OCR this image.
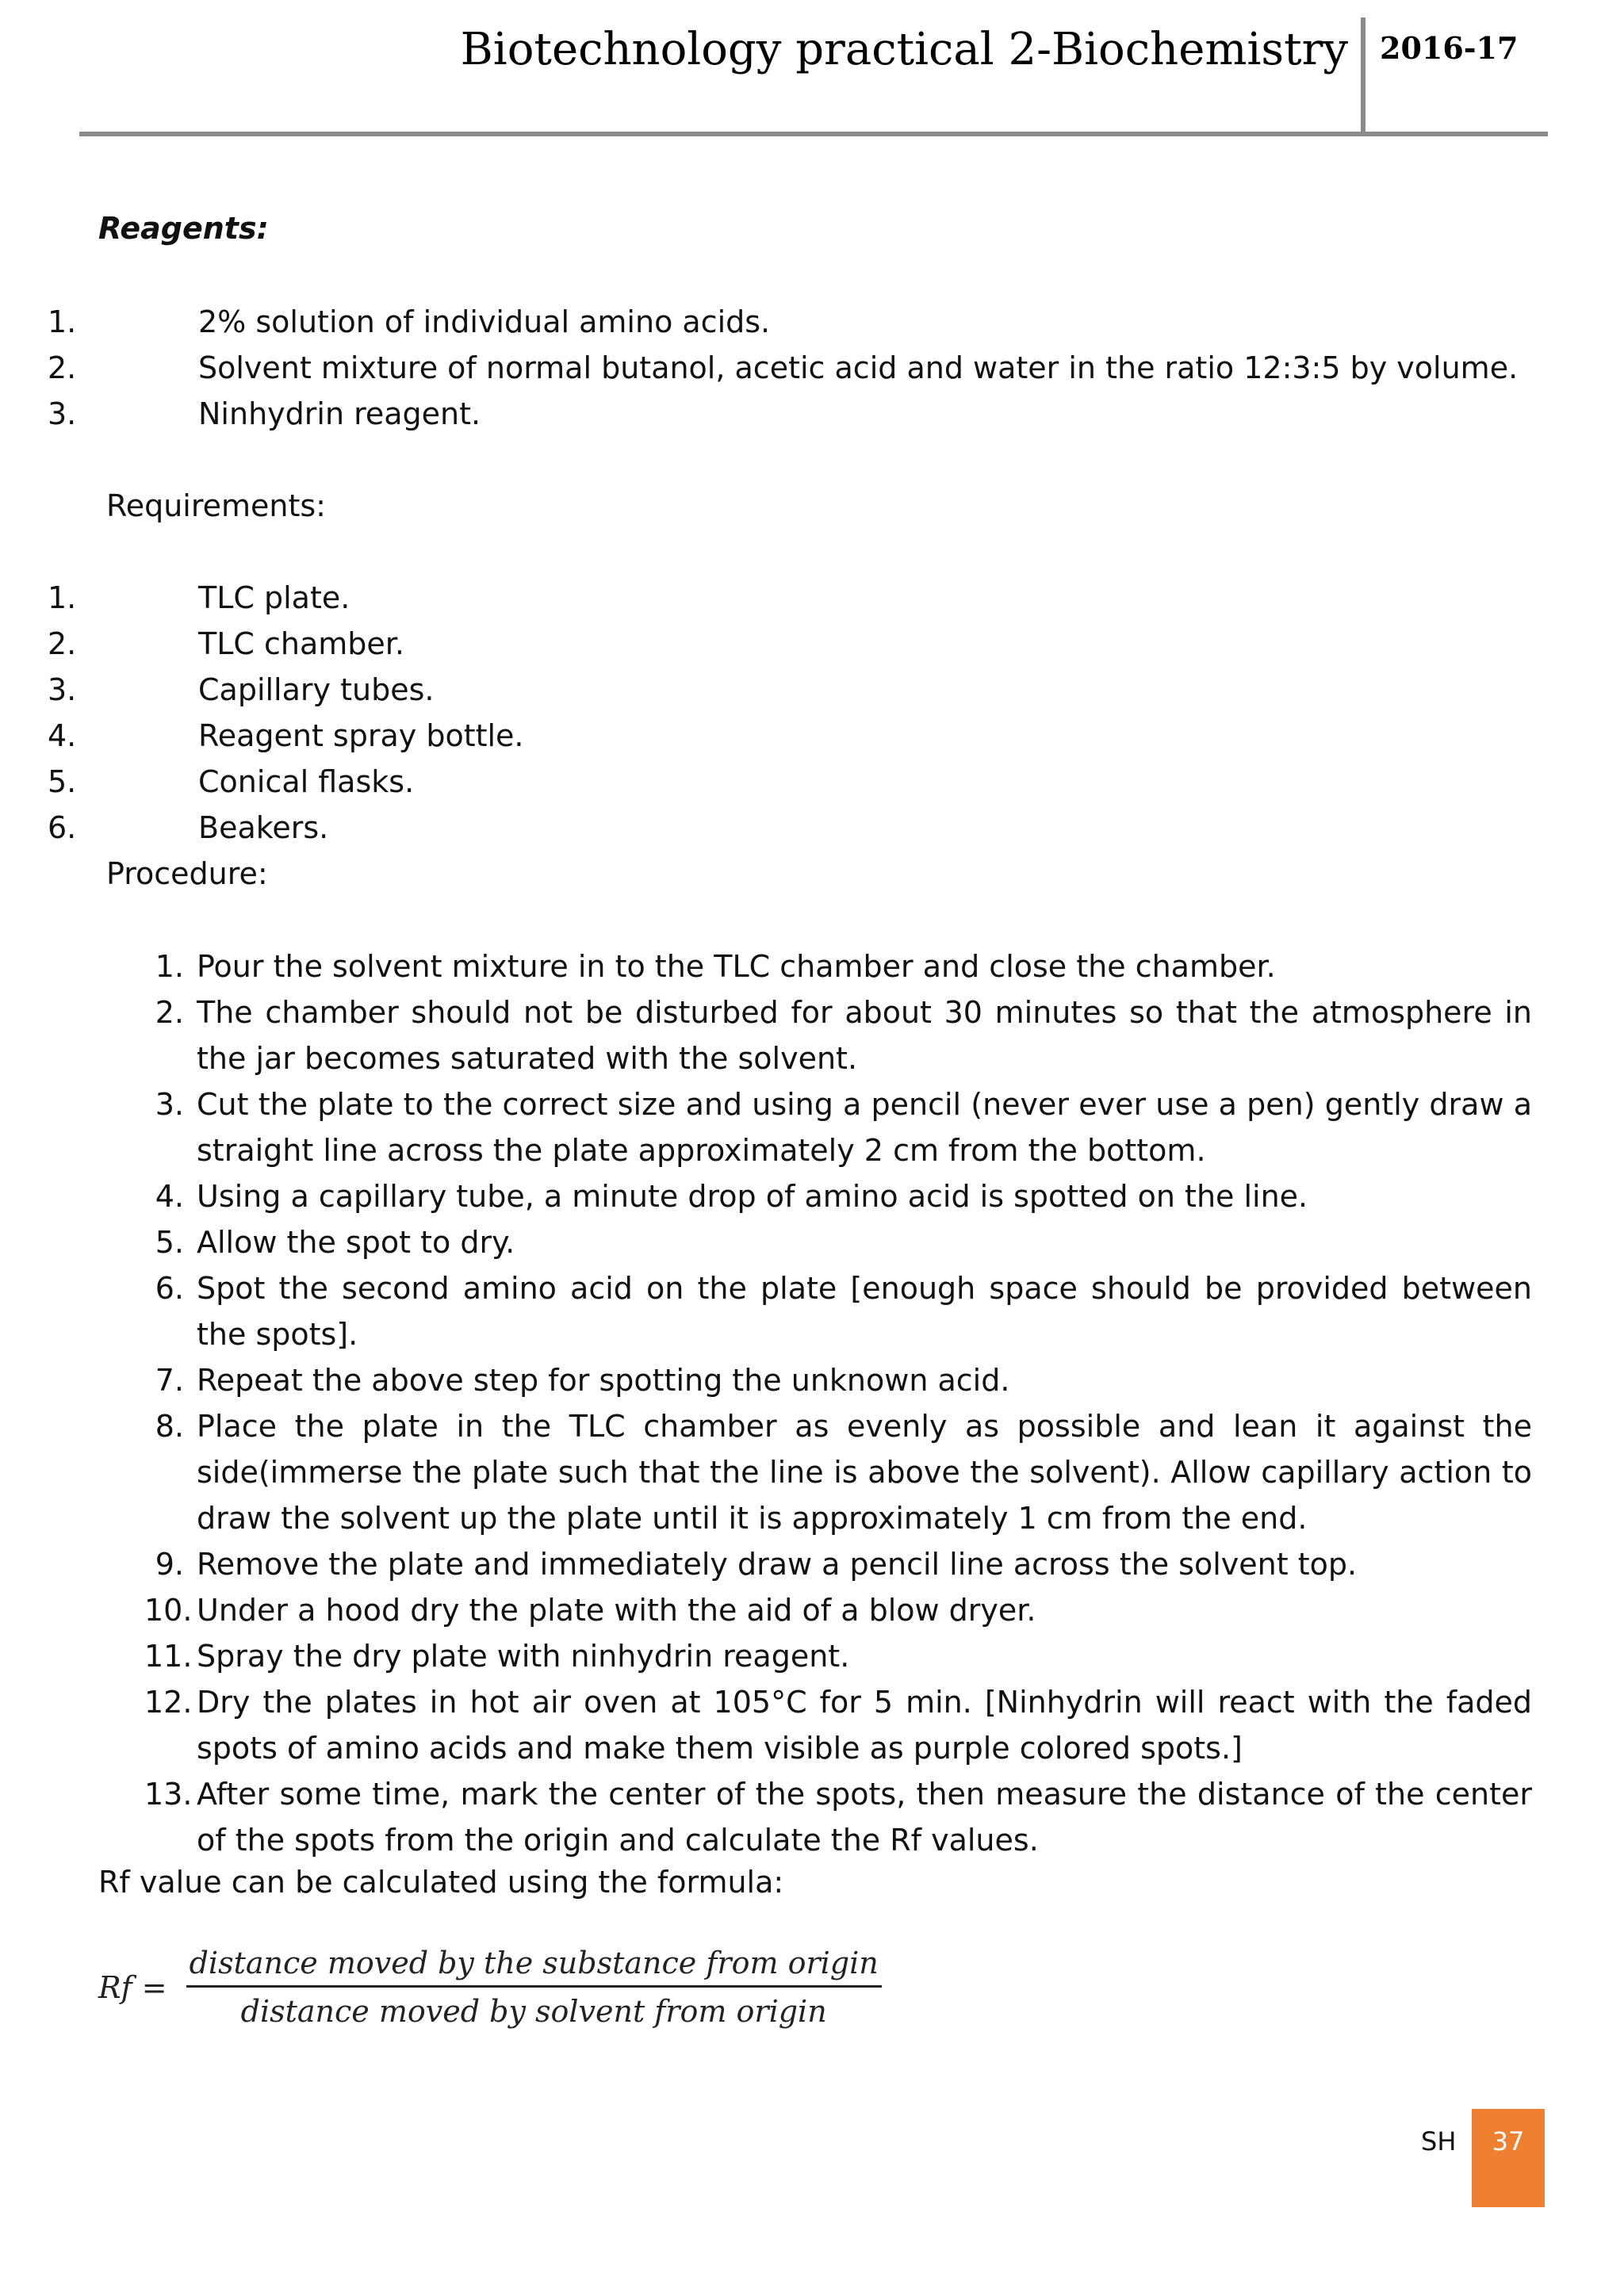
Biotechnology practical 2-Biochemistry 2016-17
Reagents:
1.	2% solution of individual amino acids.
2.	Solvent mixture of normal butanol, acetic acid and water in the ratio 12:3:5 by volume.
3.	Ninhydrin reagent.
Requirements:
1.	TLC plate.
2.	TLC chamber.
3.	Capillary tubes.
4.	Reagent spray bottle.
5.	Conical flasks.
6.	Beakers.
Procedure:
1. Pour the solvent mixture in to the TLC chamber and close the chamber.
2. The chamber should not be disturbed for about 30 minutes so that the atmosphere in the jar becomes saturated with the solvent.
3. Cut the plate to the correct size and using a pencil (never ever use a pen) gently draw a straight line across the plate approximately 2 cm from the bottom.
4. Using a capillary tube, a minute drop of amino acid is spotted on the line.
5. Allow the spot to dry.
6. Spot the second amino acid on the plate [enough space should be provided between the spots].
7. Repeat the above step for spotting the unknown acid.
8. Place the plate in the TLC chamber as evenly as possible and lean it against the side(immerse the plate such that the line is above the solvent). Allow capillary action to draw the solvent up the plate until it is approximately 1 cm from the end.
9. Remove the plate and immediately draw a pencil line across the solvent top.
10. Under a hood dry the plate with the aid of a blow dryer.
11. Spray the dry plate with ninhydrin reagent.
12. Dry the plates in hot air oven at 105°C for 5 min. [Ninhydrin will react with the faded spots of amino acids and make them visible as purple colored spots.]
13. After some time, mark the center of the spots, then measure the distance of the center of the spots from the origin and calculate the Rf values.
Rf value can be calculated using the formula:
$Rf = \frac{\text{distance moved by the substance from origin}}{\text{distance moved by solvent from origin}}$
SH 37
